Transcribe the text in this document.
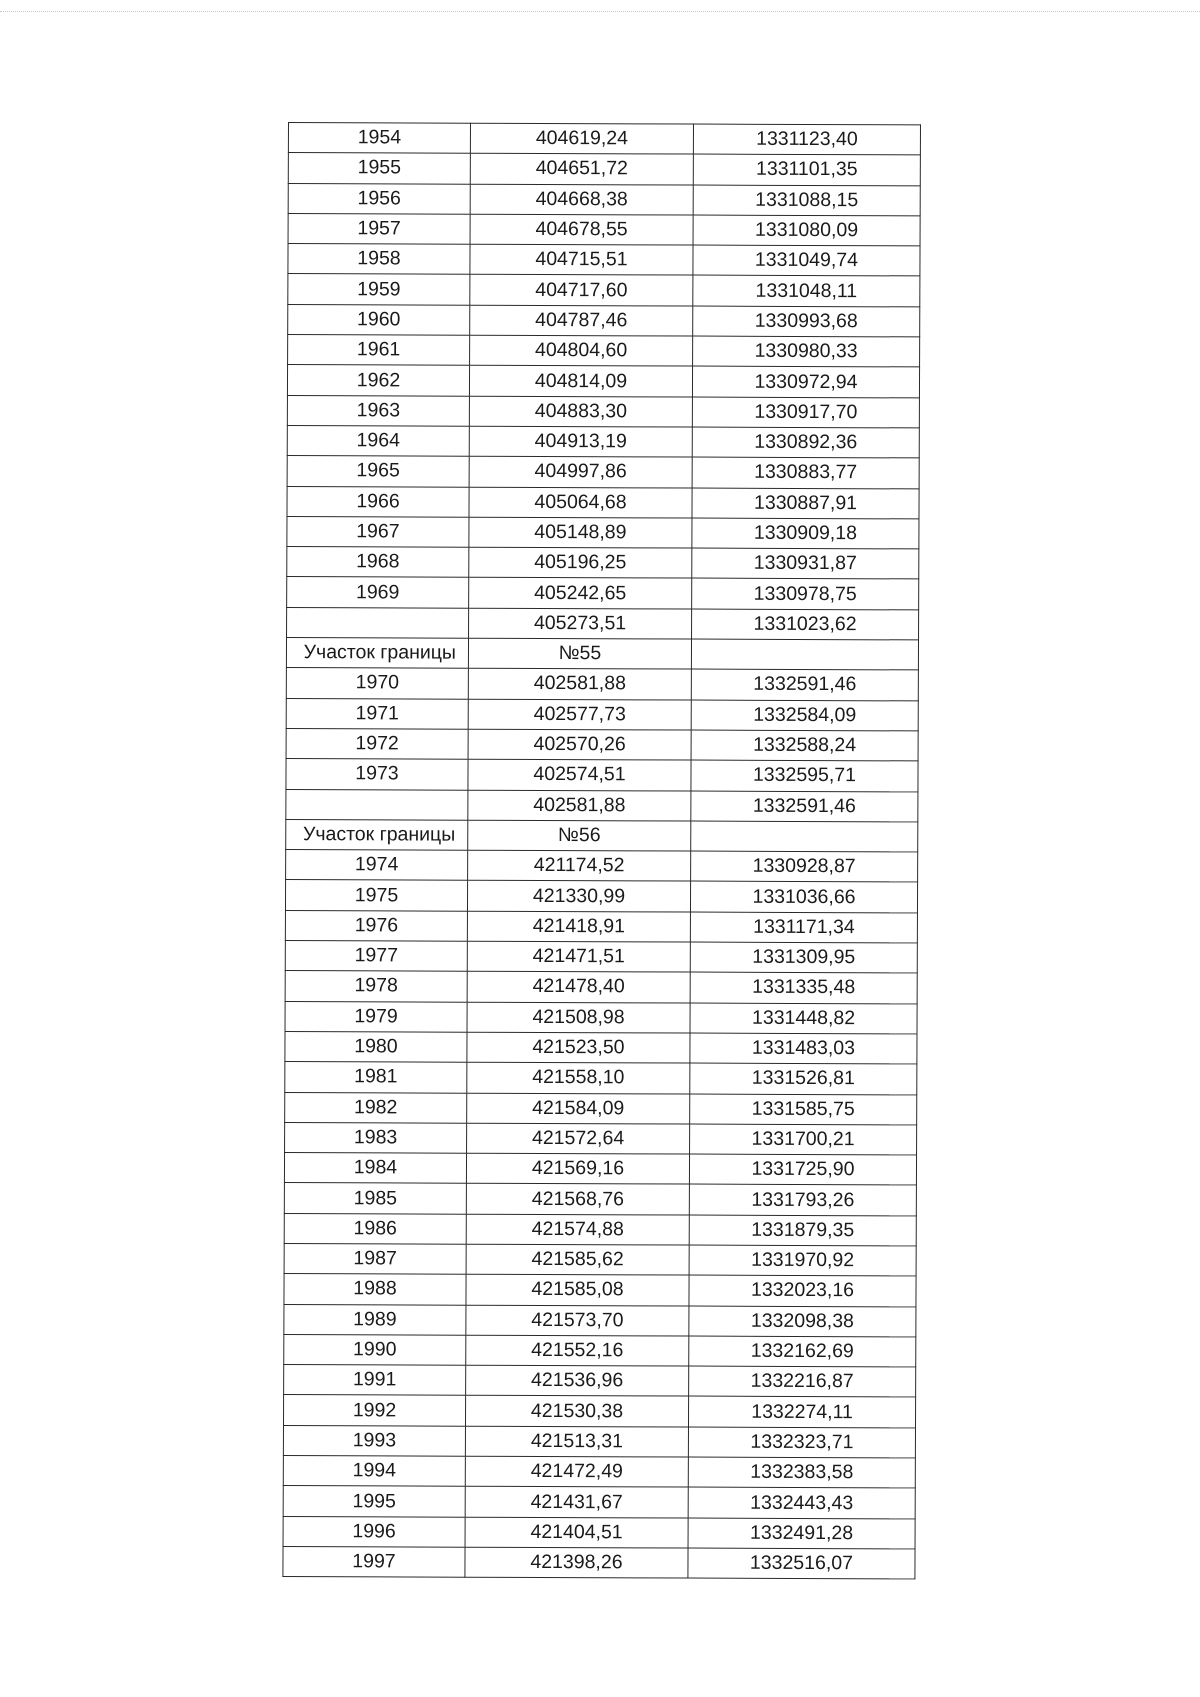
1954	404619,24	1331123,40
1955	404651,72	1331101,35
1956	404668,38	1331088,15
1957	404678,55	1331080,09
1958	404715,51	1331049,74
1959	404717,60	1331048,11
1960	404787,46	1330993,68
1961	404804,60	1330980,33
1962	404814,09	1330972,94
1963	404883,30	1330917,70
1964	404913,19	1330892,36
1965	404997,86	1330883,77
1966	405064,68	1330887,91
1967	405148,89	1330909,18
1968	405196,25	1330931,87
1969	405242,65	1330978,75
	405273,51	1331023,62
Участок границы	№55	
1970	402581,88	1332591,46
1971	402577,73	1332584,09
1972	402570,26	1332588,24
1973	402574,51	1332595,71
	402581,88	1332591,46
Участок границы	№56	
1974	421174,52	1330928,87
1975	421330,99	1331036,66
1976	421418,91	1331171,34
1977	421471,51	1331309,95
1978	421478,40	1331335,48
1979	421508,98	1331448,82
1980	421523,50	1331483,03
1981	421558,10	1331526,81
1982	421584,09	1331585,75
1983	421572,64	1331700,21
1984	421569,16	1331725,90
1985	421568,76	1331793,26
1986	421574,88	1331879,35
1987	421585,62	1331970,92
1988	421585,08	1332023,16
1989	421573,70	1332098,38
1990	421552,16	1332162,69
1991	421536,96	1332216,87
1992	421530,38	1332274,11
1993	421513,31	1332323,71
1994	421472,49	1332383,58
1995	421431,67	1332443,43
1996	421404,51	1332491,28
1997	421398,26	1332516,07
